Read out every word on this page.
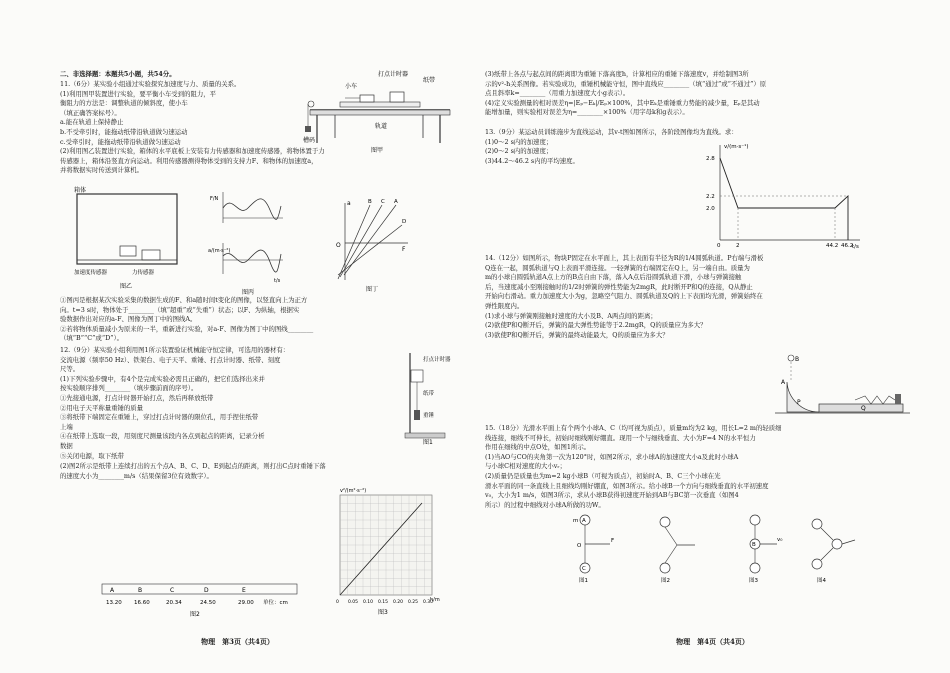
二、非选择题：本题共5小题，共54分。

11.（6分）某实验小组通过实验探究加速度与力、质量的关系。

(1)利用图甲装置进行实验，要平衡小车受到的阻力，平

衡阻力的方法是：调整轨道的倾斜度，使小车

（填正确答案标号）。

a.能在轨道上保持静止

b.不受牵引时，能拖动纸带沿轨道做匀速运动

c.受牵引时，能拖动纸带沿轨道做匀速运动

(2)利用图乙装置进行实验，箱体的水平底板上安装有力传感器和加速度传感器，将物体置于力

传感器上，箱体沿竖直方向运动。利用传感器测得物体受到的支持力F、和物体的加速度a，

并将数据实时传送到计算机。

小车
打点计时器
纸带
轨道
槽码
图甲
箱体
加速度传感器	力传感器
图乙
F/N
a/(m·s⁻²)
t/s
图丙
a
F
O
B C A
D
图丁

①图丙是根据某次实验采集的数据生成的F、和a随时间t变化的图像，以竖直向上为正方

向。t=3 s时，物体处于________（填“超重”或“失重”）状态；以F、为纵轴，根据实

验数据作出对应的a-F、图像为图丁中的图线A。

②若将物体质量减小为原来的一半，重新进行实验，对a-F、图像为图丁中的图线________

（填“B”“C”或“D”）。

12.（9分）某实验小组利用图1所示装置验证机械能守恒定律，可选用的器材有：

交流电源（频率50 Hz）、铁架台、电子天平、重锤、打点计时器、纸带、刻度

尺等。

(1)下列实验步骤中，有4个是完成实验必需且正确的，把它们选择出来并

按实验顺序排列________（填步骤前面的序号）。

①先接通电源，打点计时器开始打点，然后再释放纸带

②用电子天平称量重锤的质量

③将纸带下端固定在重锤上，穿过打点计时器的限位孔，用手捏住纸带

上端

④在纸带上选取一段，用刻度尺测量该段内各点到起点的距离，记录分析

数据

⑤关闭电源，取下纸带

(2)图2所示是纸带上连续打出的五个点A、B、C、D、E到起点的距离，则打出C点时重锤下落

的速度大小为________m/s（结果保留3位有效数字）。

打点计时器
纸带
重锤
图1
A	B	C	D	E
13.20 16.60	20.34	24.50	29.00 单位：cm
图2
v²/(m²·s⁻²)
h/m
0 0.05 0.10 0.15 0.20 0.25 0.30
图3
物理　第3页（共4页）

(3)纸带上各点与起点间的距离即为重锤下落高度h，计算相应的重锤下落速度v，并绘制图3所

示的v²-h关系图像。若实验成功，重锤机械能守恒，图中直线应________（填“通过”或“不通过”）原

点且斜率k=________（用重力加速度大小g表示）。

(4)定义实验测量的相对误差η=|Eₚ−Eₖ|/Eₚ×100%，其中Eₖ是重锤重力势能的减少量，Eₚ是其动

能增加量，则实验相对误差为η=________×100%（用字母k和g表示）。

13.（9分）某运动员训练施步为直线运动，其v-t图如图所示，各阶段图像均为直线。求：

(1)0～2 s内的加速度；

(2)0～2 s内的加速度；

(3)44.2～46.2 s内的平均速度。

v/(m·s⁻¹)
t/s
2.8
2.2
2.0
0	2	44.2 46.2

14.（12分）如图所示，物块P固定在水平面上，其上表面有半径为R的1/4圆弧轨道。P右端与滑板

Q连在一起，圆弧轨道与Q上表面平滑连接。一轻弹簧的右端固定在Q上，另一端自由。质量为

m的小球自圆弧轨道A点上方的B点自由下落，落入A点后沿圆弧轨道下滑，小球与弹簧接触

后，当速度减小至刚接触时的1/2时弹簧的弹性势能为2mgR，此时断开P和Q的连接，Q从静止

开始向右滑动。重力加速度大小为g，忽略空气阻力、圆弧轨道及Q的上下表面均光滑，弹簧始终在

弹性限度内。

(1)求小球与弹簧刚接触时速度的大小及B、A两点间的距离；

(2)欲使P和Q断开后，弹簧的最大弹性势能等于2.2mgR，Q的质量应为多大？

(3)欲使P和Q断开后，弹簧的最终动能最大，Q的质量应为多大？

B
A
P
Q

15.（18分）光滑水平面上有个两个小球A、C（均可视为质点），质量m均为2 kg，用长L=2 m的轻质细

线连接，细线不可伸长，初始时细线刚好绷直。现用一个与细线垂直、大小为F=4 N的水平恒力

作用在细线的中点O处，如图1所示。

(1)当AO与CO的夹角第一次为120°时，如图2所示，求小球A的加速度大小a及此时小球A

与小球C相对速度的大小vᵣ；

(2)质量仍是质量也为m=2 kg小球B（可视为质点），初始时A、B、C三个小球在光

滑水平面的同一条直线上且细线均刚好绷直，如图3所示。给小球B一个方向与细线垂直的水平初速度

v₀，大小为1 m/s，如图3所示，求从小球B获得初速度开始到AB与BC第一次垂直（如图4

所示）的过程中细线对小球A所做的功W。

A
C
O
F
m
图1	图2
B
v₀
图3	图4
物理　第4页（共4页）
